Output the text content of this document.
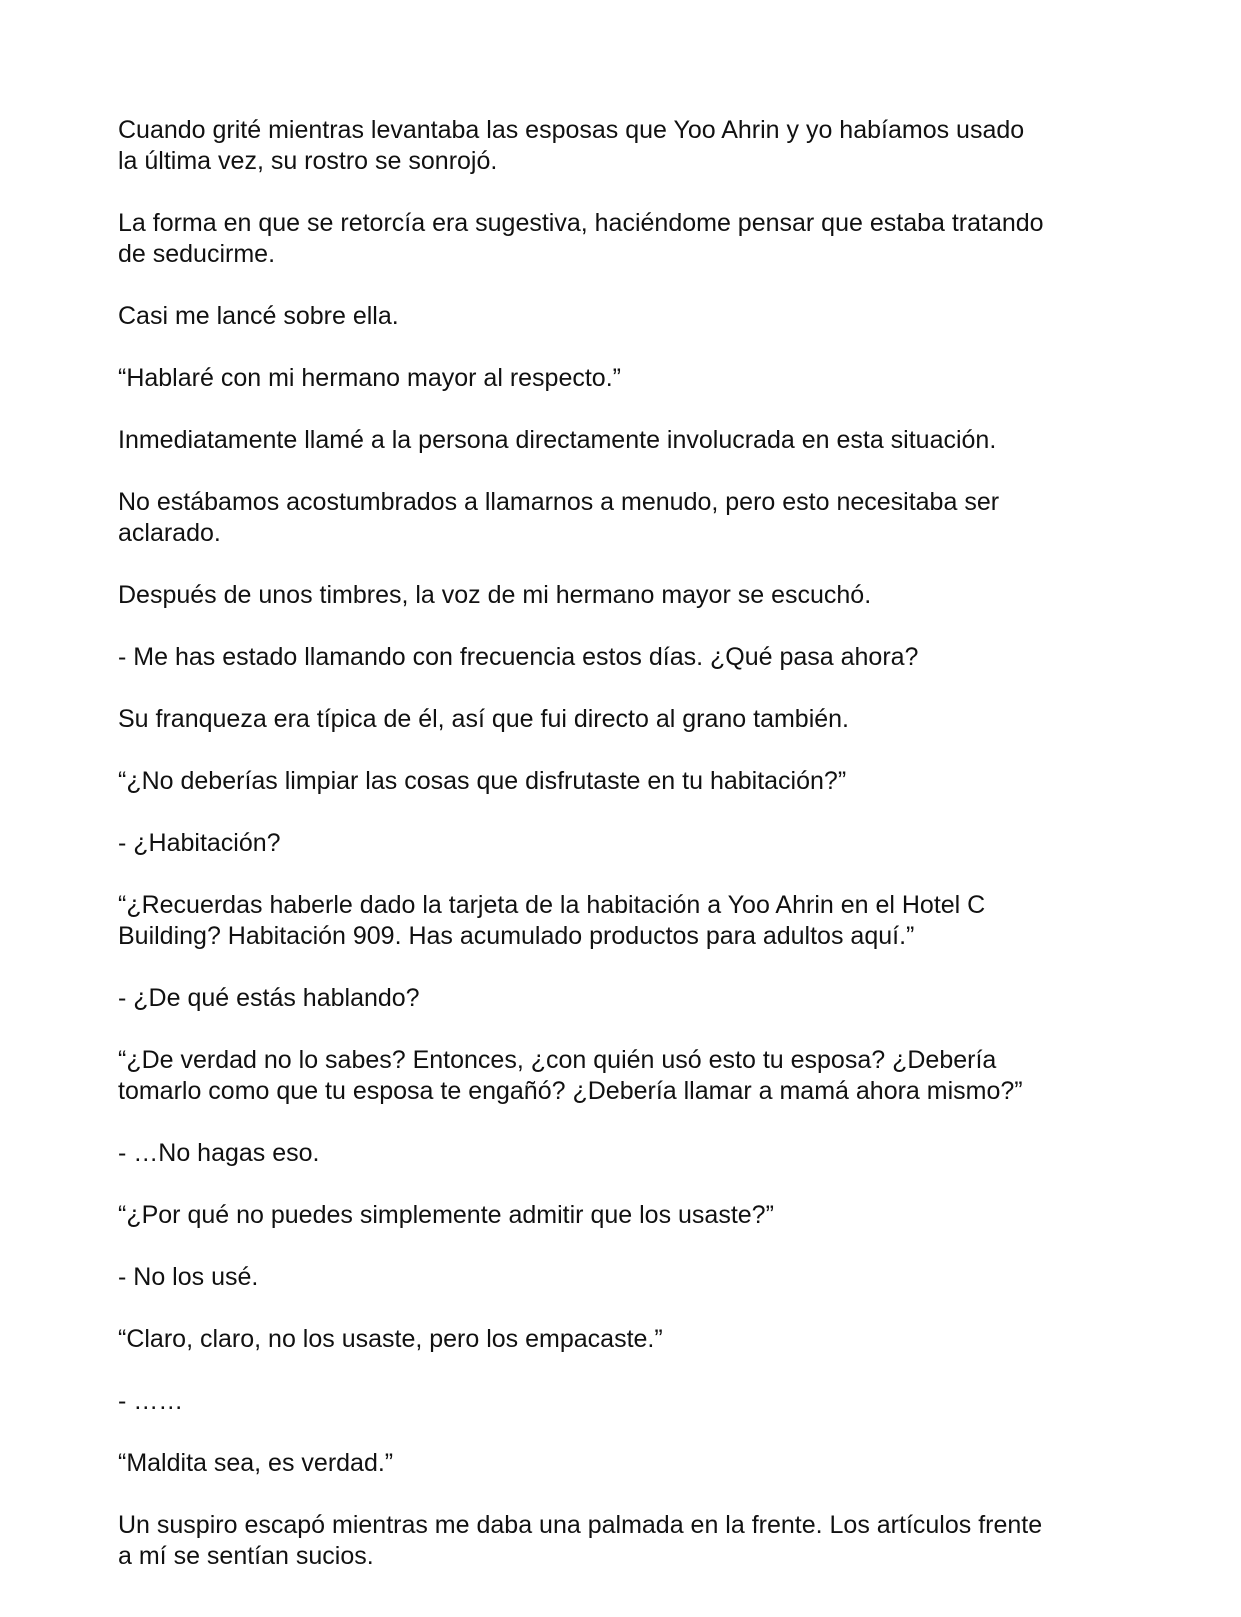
Cuando grité mientras levantaba las esposas que Yoo Ahrin y yo habíamos usado
la última vez, su rostro se sonrojó.

La forma en que se retorcía era sugestiva, haciéndome pensar que estaba tratando
de seducirme.

Casi me lancé sobre ella.

“Hablaré con mi hermano mayor al respecto.”

Inmediatamente llamé a la persona directamente involucrada en esta situación.

No estábamos acostumbrados a llamarnos a menudo, pero esto necesitaba ser
aclarado.

Después de unos timbres, la voz de mi hermano mayor se escuchó.

- Me has estado llamando con frecuencia estos días. ¿Qué pasa ahora?

Su franqueza era típica de él, así que fui directo al grano también.

“¿No deberías limpiar las cosas que disfrutaste en tu habitación?”

- ¿Habitación?

“¿Recuerdas haberle dado la tarjeta de la habitación a Yoo Ahrin en el Hotel C
Building? Habitación 909. Has acumulado productos para adultos aquí.”

- ¿De qué estás hablando?

“¿De verdad no lo sabes? Entonces, ¿con quién usó esto tu esposa? ¿Debería
tomarlo como que tu esposa te engañó? ¿Debería llamar a mamá ahora mismo?”

- …No hagas eso.

“¿Por qué no puedes simplemente admitir que los usaste?”

- No los usé.

“Claro, claro, no los usaste, pero los empacaste.”

- ……

“Maldita sea, es verdad.”

Un suspiro escapó mientras me daba una palmada en la frente. Los artículos frente
a mí se sentían sucios.
